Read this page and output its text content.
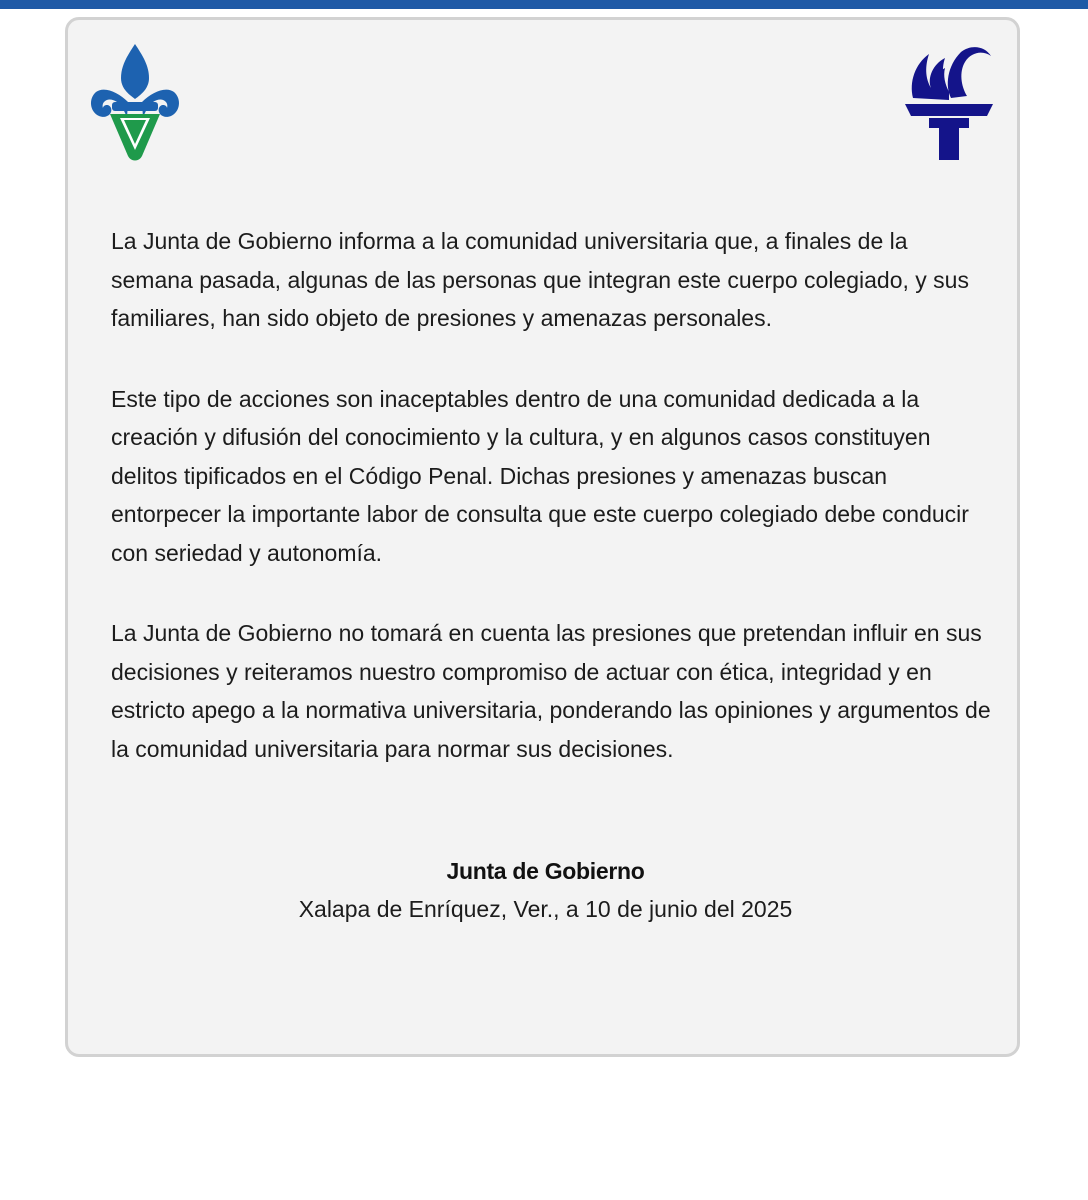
La Junta de Gobierno informa a la comunidad universitaria que, a finales de la semana pasada, algunas de las personas que integran este cuerpo colegiado, y sus familiares, han sido objeto de presiones y amenazas personales.

Este tipo de acciones son inaceptables dentro de una comunidad dedicada a la creación y difusión del conocimiento y la cultura, y en algunos casos constituyen delitos tipificados en el Código Penal. Dichas presiones y amenazas buscan entorpecer la importante labor de consulta que este cuerpo colegiado debe conducir con seriedad y autonomía.

La Junta de Gobierno no tomará en cuenta las presiones que pretendan influir en sus decisiones y reiteramos nuestro compromiso de actuar con ética, integridad y en estricto apego a la normativa universitaria, ponderando las opiniones y argumentos de la comunidad universitaria para normar sus decisiones.

Junta de Gobierno
Xalapa de Enríquez, Ver., a 10 de junio del 2025
